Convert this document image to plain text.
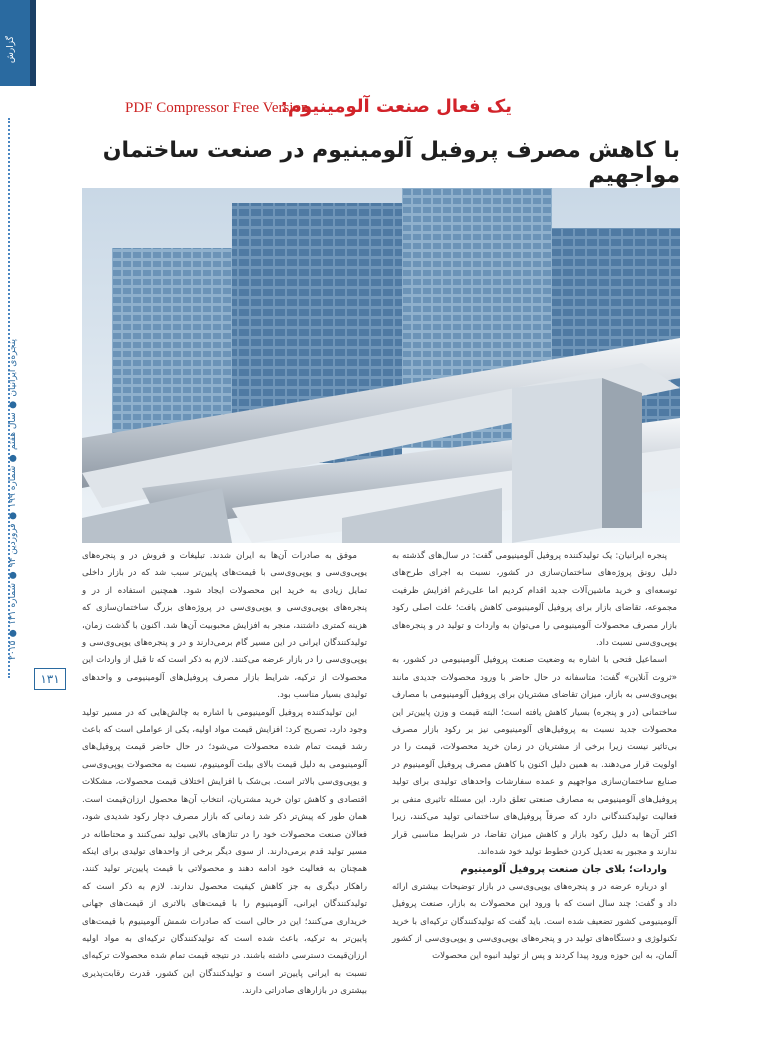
گزارش
پنجره‌ی ایرانیان ● سال هفتم ● شماره ۱۹۹ ● فروردین ۹۴ ● شماره ۱۳۱ ● ۲۰۱۵
۱۳۱
یک فعال صنعت آلومینیوم:
PDF Compressor Free Version
با کاهش مصرف پروفیل آلومینیوم در صنعت ساختمان مواجهیم

پنجره ایرانیان: یک تولیدکننده پروفیل آلومینیومی گفت: در سال‌های گذشته به دلیل رونق پروژه‌های ساختمان‌سازی در کشور، نسبت به اجرای طرح‌های توسعه‌ای و خرید ماشین‌آلات جدید اقدام کردیم اما علی‌رغم افزایش ظرفیت مجموعه، تقاضای بازار برای پروفیل آلومینیومی کاهش یافت؛ علت اصلی رکود بازار مصرف محصولات آلومینیومی را می‌توان به واردات و تولید در و پنجره‌های یو‌پی‌وی‌سی نسبت داد.

اسماعیل فتحی با اشاره به وضعیت صنعت پروفیل آلومینیومی در کشور، به «ثروت آنلاین» گفت: متاسفانه در حال حاضر با ورود محصولات جدیدی مانند یو‌پی‌وی‌سی به بازار، میزان تقاضای مشتریان برای پروفیل آلومینیومی با مصارف ساختمانی (در و پنجره) بسیار کاهش یافته است؛ البته قیمت و وزن پایین‌تر این محصولات جدید نسبت به پروفیل‌های آلومینیومی نیز بر رکود بازار مصرف بی‌تاثیر نیست زیرا برخی از مشتریان در زمان خرید محصولات، قیمت را در اولویت قرار می‌دهند. به همین دلیل اکنون با کاهش مصرف پروفیل آلومینیوم در صنایع ساختمان‌سازی مواجهیم و عمده سفارشات واحدهای تولیدی برای تولید پروفیل‌های آلومینیومی به مصارف صنعتی تعلق دارد. این مسئله تاثیری منفی بر فعالیت تولیدکنندگانی دارد که صرفاً پروفیل‌های ساختمانی تولید می‌کنند، زیرا اکثر آن‌ها به دلیل رکود بازار و کاهش میزان تقاضا، در شرایط مناسبی قرار ندارند و مجبور به تعدیل کردن خطوط تولید خود شده‌اند.

واردات؛ بلای جان صنعت پروفیل آلومینیوم

او درباره عرضه در و پنجره‌های یو‌پی‌وی‌سی در بازار توضیحات بیشتری ارائه داد و گفت: چند سال است که با ورود این محصولات به بازار، صنعت پروفیل آلومینیومی کشور تضعیف شده است. باید گفت که تولیدکنندگان ترکیه‌ای با خرید تکنولوژی و دستگاه‌های تولید در و پنجره‌های یو‌پی‌وی‌سی و یو‌پی‌وی‌سی از کشور آلمان، به این حوزه ورود پیدا کردند و پس از تولید انبوه این محصولات

موفق به صادرات آن‌ها به ایران شدند. تبلیغات و فروش در و پنجره‌های یو‌پی‌وی‌سی و یو‌پی‌وی‌سی با قیمت‌های پایین‌تر سبب شد که در بازار داخلی تمایل زیادی به خرید این محصولات ایجاد شود. همچنین استفاده از در و پنجره‌های یو‌پی‌وی‌سی و یو‌پی‌وی‌سی در پروژه‌های بزرگ ساختمان‌سازی که هزینه کمتری داشتند، منجر به افزایش محبوبیت آن‌ها شد. اکنون با گذشت زمان، تولیدکنندگان ایرانی در این مسیر گام برمی‌دارند و در و پنجره‌های یو‌پی‌وی‌سی و یو‌پی‌وی‌سی را در بازار عرضه می‌کنند. لازم به ذکر است که تا قبل از واردات این محصولات از ترکیه، شرایط بازار مصرف پروفیل‌های آلومینیومی و واحدهای تولیدی بسیار مناسب بود.

این تولیدکننده پروفیل آلومینیومی با اشاره به چالش‌هایی که در مسیر تولید وجود دارد، تصریح کرد: افزایش قیمت مواد اولیه، یکی از عواملی است که باعث رشد قیمت تمام شده محصولات می‌شود؛ در حال حاضر قیمت پروفیل‌های آلومینیومی به دلیل قیمت بالای بیلت آلومینیوم، نسبت به محصولات یو‌پی‌وی‌سی و یو‌پی‌وی‌سی بالاتر است. بی‌شک با افزایش اختلاف قیمت محصولات، مشکلات اقتصادی و کاهش توان خرید مشتریان، انتخاب آن‌ها محصول ارزان‌قیمت است. همان طور که پیش‌تر ذکر شد زمانی که بازار مصرف دچار رکود شدیدی شود، فعالان صنعت محصولات خود را در تناژهای بالایی تولید نمی‌کنند و محتاطانه در مسیر تولید قدم برمی‌دارند. از سوی دیگر برخی از واحدهای تولیدی برای اینکه همچنان به فعالیت خود ادامه دهند و محصولاتی با قیمت پایین‌تر تولید کنند، راهکار دیگری به جز کاهش کیفیت محصول ندارند. لازم به ذکر است که تولیدکنندگان ایرانی، آلومینیوم را با قیمت‌های بالاتری از قیمت‌های جهانی خریداری می‌کنند؛ این در حالی است که صادرات شمش آلومینیوم با قیمت‌های پایین‌تر به ترکیه، باعث شده است که تولیدکنندگان ترکیه‌ای به مواد اولیه ارزان‌قیمت دسترسی داشته باشند. در نتیجه قیمت تمام شده محصولات ترکیه‌ای نسبت به ایرانی پایین‌تر است و تولیدکنندگان این کشور، قدرت رقابت‌پذیری بیشتری در بازارهای صادراتی دارند.
